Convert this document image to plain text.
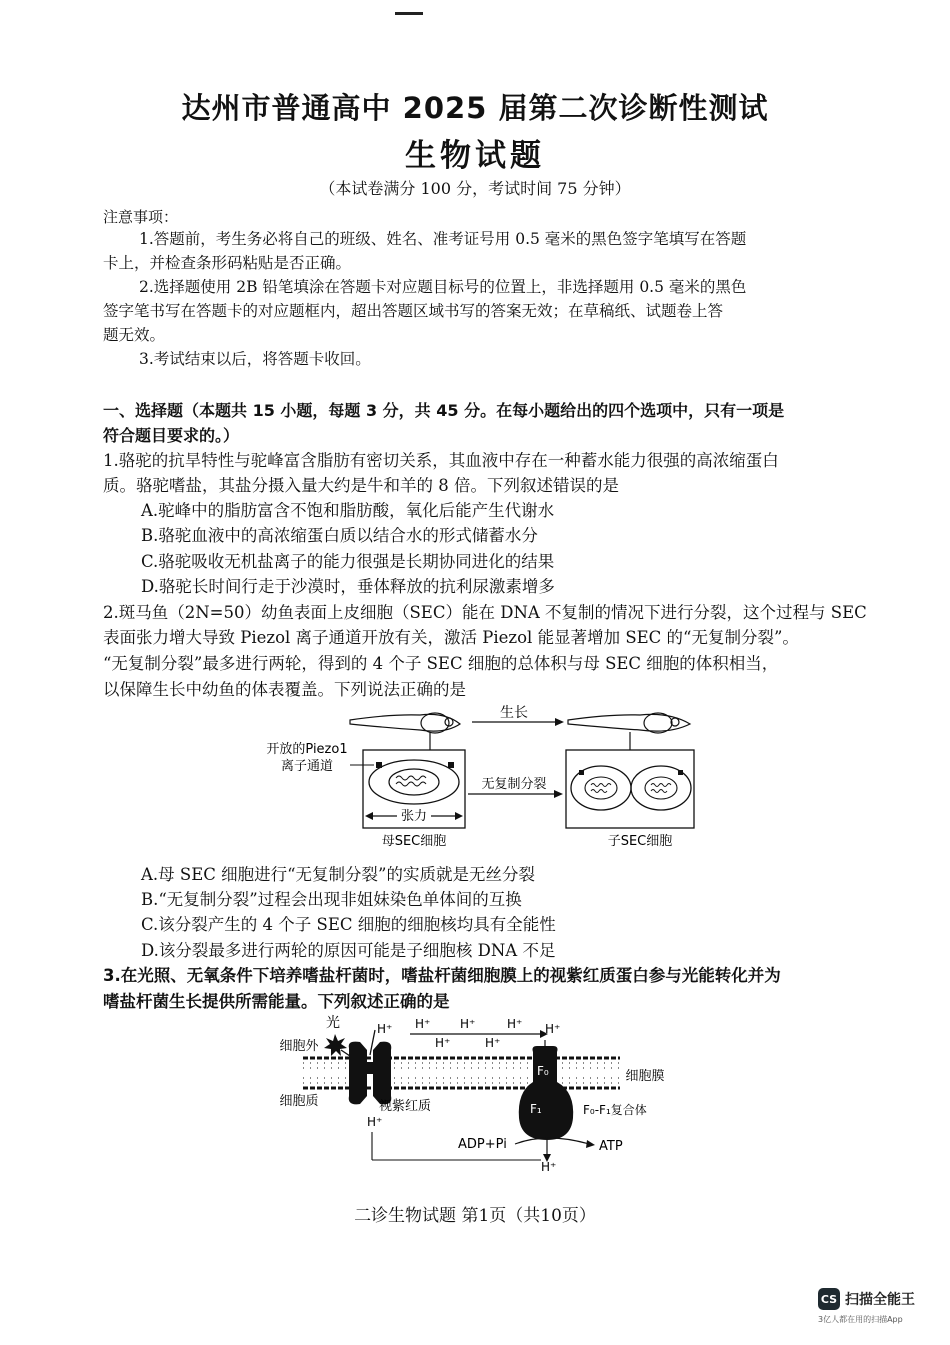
达州市普通高中 2025 届第二次诊断性测试
生物试题
（本试卷满分 100 分，考试时间 75 分钟）
注意事项：
1.答题前，考生务必将自己的班级、姓名、准考证号用 0.5 毫米的黑色签字笔填写在答题
卡上，并检查条形码粘贴是否正确。
2.选择题使用 2B 铅笔填涂在答题卡对应题目标号的位置上，非选择题用 0.5 毫米的黑色
签字笔书写在答题卡的对应题框内，超出答题区域书写的答案无效；在草稿纸、试题卷上答
题无效。
3.考试结束以后，将答题卡收回。
一、选择题（本题共 15 小题，每题 3 分，共 45 分。在每小题给出的四个选项中，只有一项是
符合题目要求的。）
1.骆驼的抗旱特性与驼峰富含脂肪有密切关系，其血液中存在一种蓄水能力很强的高浓缩蛋白
质。骆驼嗜盐，其盐分摄入量大约是牛和羊的 8 倍。下列叙述错误的是
A.驼峰中的脂肪富含不饱和脂肪酸，氧化后能产生代谢水
B.骆驼血液中的高浓缩蛋白质以结合水的形式储蓄水分
C.骆驼吸收无机盐离子的能力很强是长期协同进化的结果
D.骆驼长时间行走于沙漠时，垂体释放的抗利尿激素增多
2.斑马鱼（2N=50）幼鱼表面上皮细胞（SEC）能在 DNA 不复制的情况下进行分裂，这个过程与 SEC
表面张力增大导致 Piezol 离子通道开放有关，激活 Piezol 能显著增加 SEC 的“无复制分裂”。
“无复制分裂”最多进行两轮，得到的 4 个子 SEC 细胞的总体积与母 SEC 细胞的体积相当，
以保障生长中幼鱼的体表覆盖。下列说法正确的是
生长
开放的Piezo1
离子通道
张力
母SEC细胞
无复制分裂
子SEC细胞
A.母 SEC 细胞进行“无复制分裂”的实质就是无丝分裂
B.“无复制分裂”过程会出现非姐妹染色单体间的互换
C.该分裂产生的 4 个子 SEC 细胞的细胞核均具有全能性
D.该分裂最多进行两轮的原因可能是子细胞核 DNA 不足
3.在光照、无氧条件下培养嗜盐杆菌时，嗜盐杆菌细胞膜上的视紫红质蛋白参与光能转化并为
嗜盐杆菌生长提供所需能量。下列叙述正确的是
光
细胞外
细胞质
H⁺
视紫红质
H⁺ H⁺	H⁺
H⁺	H⁺
H⁺
F₀
F₁
H⁺
细胞膜
F₀-F₁复合体
ADP+Pi	ATP
H⁺
二诊生物试题 第1页（共10页）
CS 扫描全能王
3亿人都在用的扫描App
